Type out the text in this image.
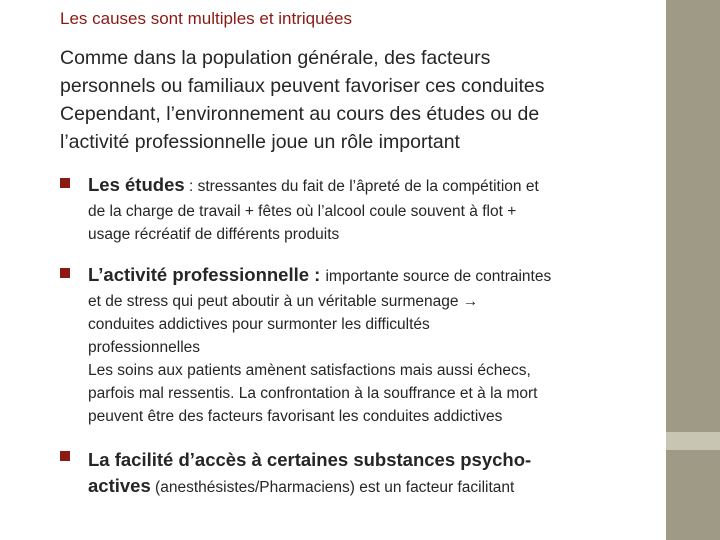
Les causes sont multiples et intriquées
Comme dans la population générale, des facteurs
personnels ou familiaux peuvent favoriser ces conduites
Cependant, l’environnement au cours des études ou de
l’activité professionnelle joue un rôle important
Les études : stressantes du fait de l’âpreté de la compétition et
de la charge de travail + fêtes où l’alcool coule souvent à flot +
usage récréatif de différents produits
L’activité professionnelle : importante source de contraintes
et de stress qui peut aboutir à un véritable surmenage →
conduites addictives pour surmonter les difficultés
professionnelles
Les soins aux patients amènent satisfactions mais aussi échecs,
parfois mal ressentis. La confrontation à la souffrance et à la mort
peuvent être des facteurs favorisant les conduites addictives
La facilité d’accès à certaines substances psycho-
actives (anesthésistes/Pharmaciens) est un facteur facilitant
